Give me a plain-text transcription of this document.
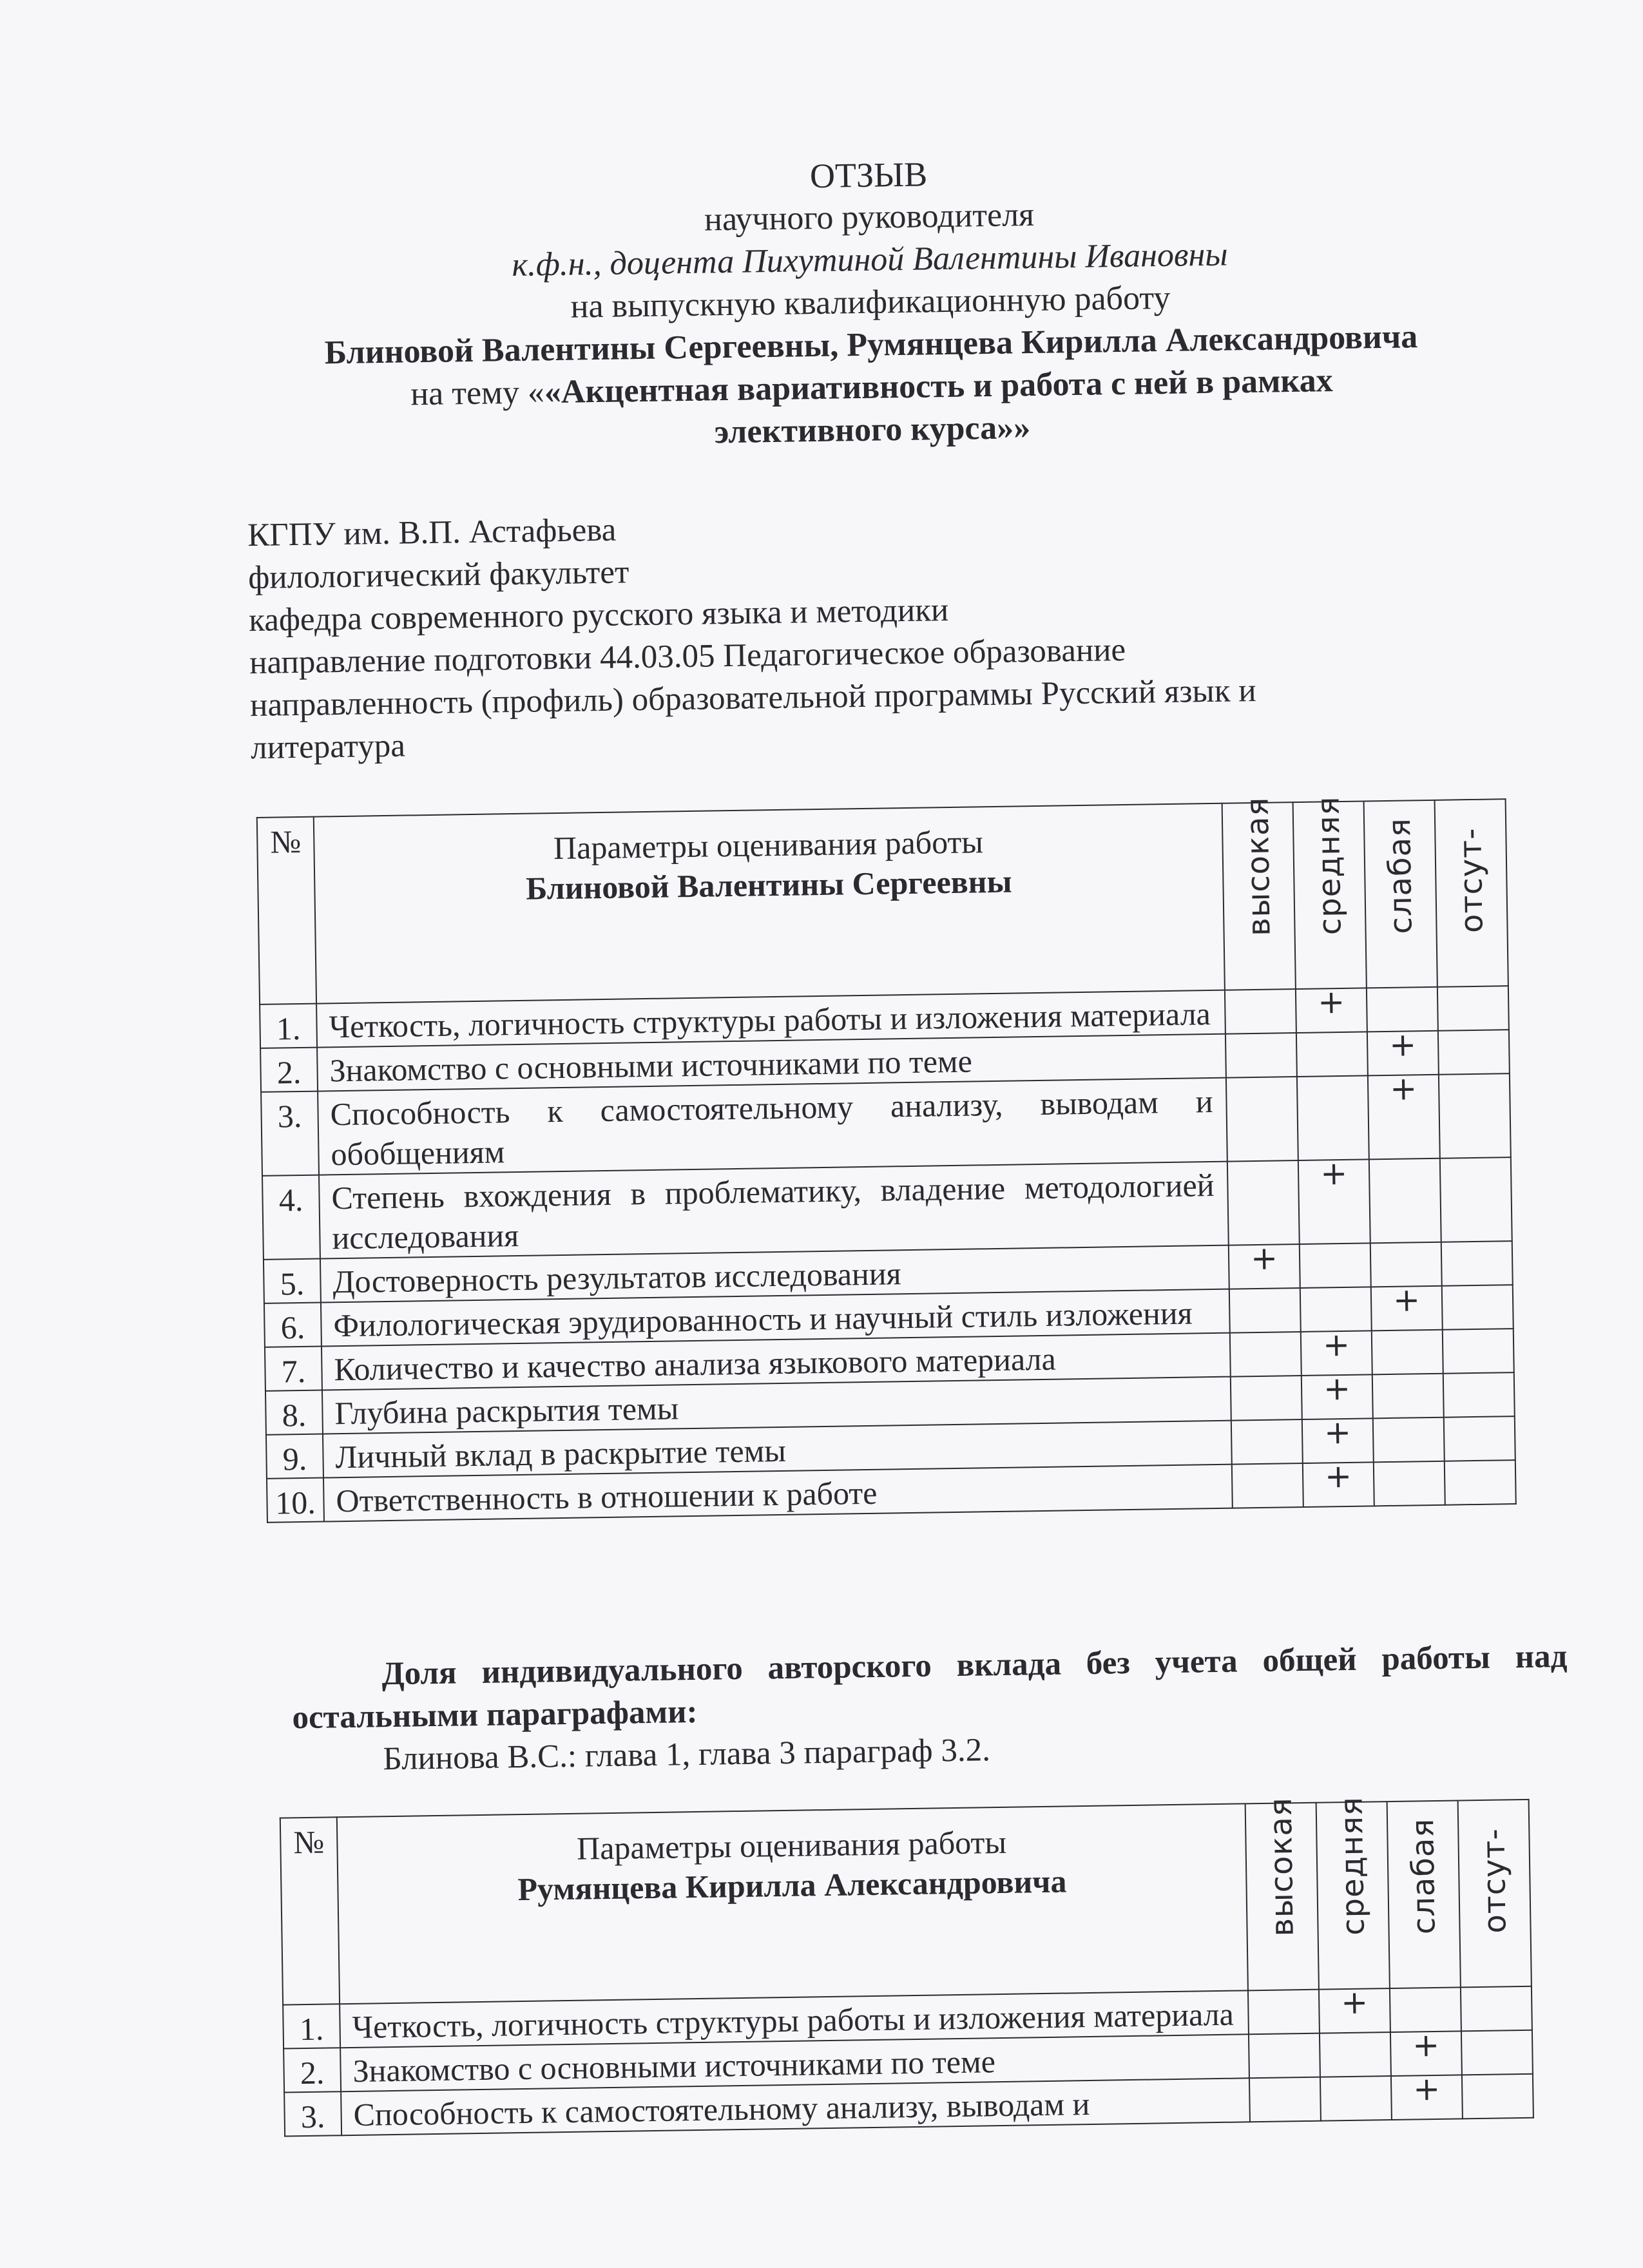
ОТЗЫВ
научного руководителя
к.ф.н., доцента Пихутиной Валентины Ивановны
на выпускную квалификационную работу
Блиновой Валентины Сергеевны, Румянцева Кирилла Александровича
на тему ««Акцентная вариативность и работа с ней в рамках
элективного курса»»
КГПУ им. В.П. Астафьева
филологический факультет
кафедра современного русского языка и методики
направление подготовки 44.03.05 Педагогическое образование
направленность (профиль) образовательной программы Русский язык и
литература
№	Параметры оценивания работы
Блиновой Валентины Сергеевны	высокая	средняя	слабая	отсут-

1.	Четкость, логичность структуры работы и изложения материала		+		
2.	Знакомство с основными источниками по теме			+	
3.	Способность к самостоятельному анализу, выводам и обобщениям			+	
4.	Степень вхождения в проблематику, владение методологией исследования		+		
5.	Достоверность результатов исследования	+			
6.	Филологическая эрудированность и научный стиль изложения			+	
7.	Количество и качество анализа языкового материала		+		
8.	Глубина раскрытия темы		+		
9.	Личный вклад в раскрытие темы		+		
10.	Ответственность в отношении к работе		+		
Доля индивидуального авторского вклада без учета общей работы над остальными параграфами:
Блинова В.С.: глава 1, глава 3 параграф 3.2.
№	Параметры оценивания работы
Румянцева Кирилла Александровича	высокая	средняя	слабая	отсут-

1.	Четкость, логичность структуры работы и изложения материала		+		
2.	Знакомство с основными источниками по теме			+	
3.	Способность к самостоятельному анализу, выводам и			+	
